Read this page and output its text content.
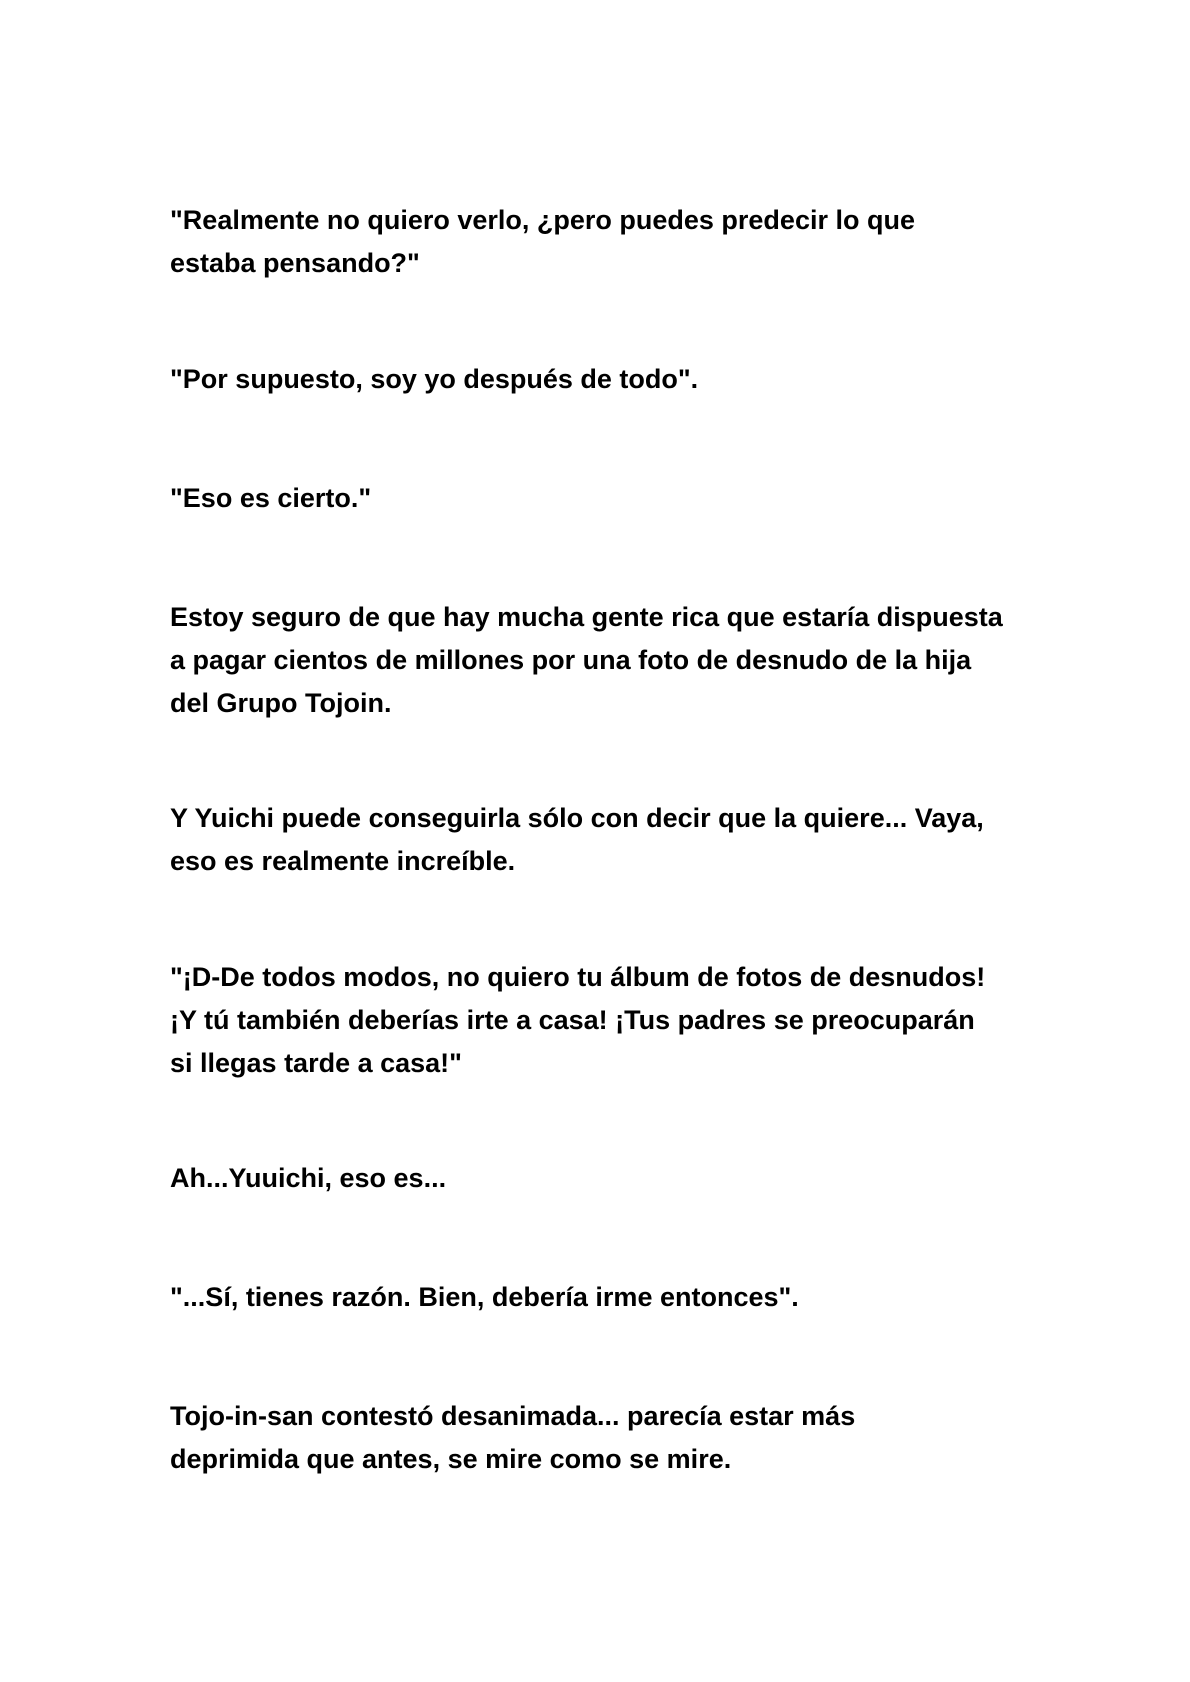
"Realmente no quiero verlo, ¿pero puedes predecir lo que
estaba pensando?"

"Por supuesto, soy yo después de todo".

"Eso es cierto."

Estoy seguro de que hay mucha gente rica que estaría dispuesta
a pagar cientos de millones por una foto de desnudo de la hija
del Grupo Tojoin.

Y Yuichi puede conseguirla sólo con decir que la quiere... Vaya,
eso es realmente increíble.

"¡D-De todos modos, no quiero tu álbum de fotos de desnudos!
¡Y tú también deberías irte a casa! ¡Tus padres se preocuparán
si llegas tarde a casa!"

Ah...Yuuichi, eso es...

"...Sí, tienes razón. Bien, debería irme entonces".

Tojo-in-san contestó desanimada... parecía estar más
deprimida que antes, se mire como se mire.
